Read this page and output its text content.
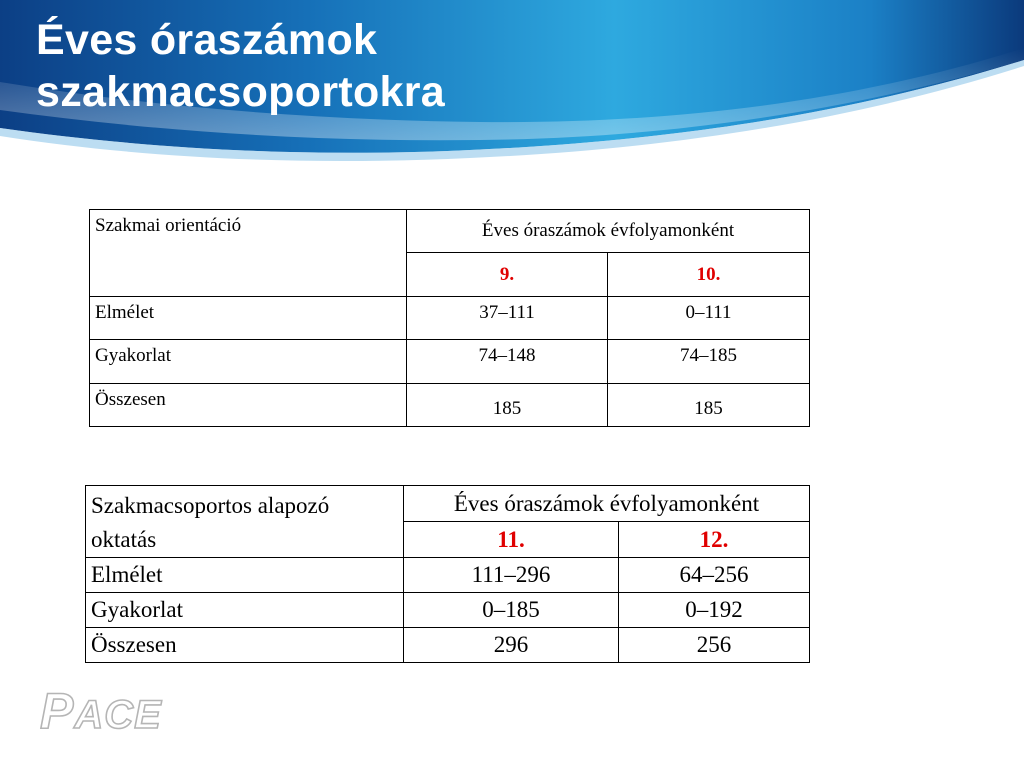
Éves óraszámok
szakmacsoportokra
Szakmai orientáció	Éves óraszámok évfolyamonként	
	9.	10.
Elmélet	37–111	0–111
Gyakorlat	74–148	74–185
Összesen	185	185
Szakmacsoportos alapozó oktatás	Éves óraszámok évfolyamonként	
	11.	12.
Elmélet	111–296	64–256
Gyakorlat	0–185	0–192
Összesen	296	256
PACE
